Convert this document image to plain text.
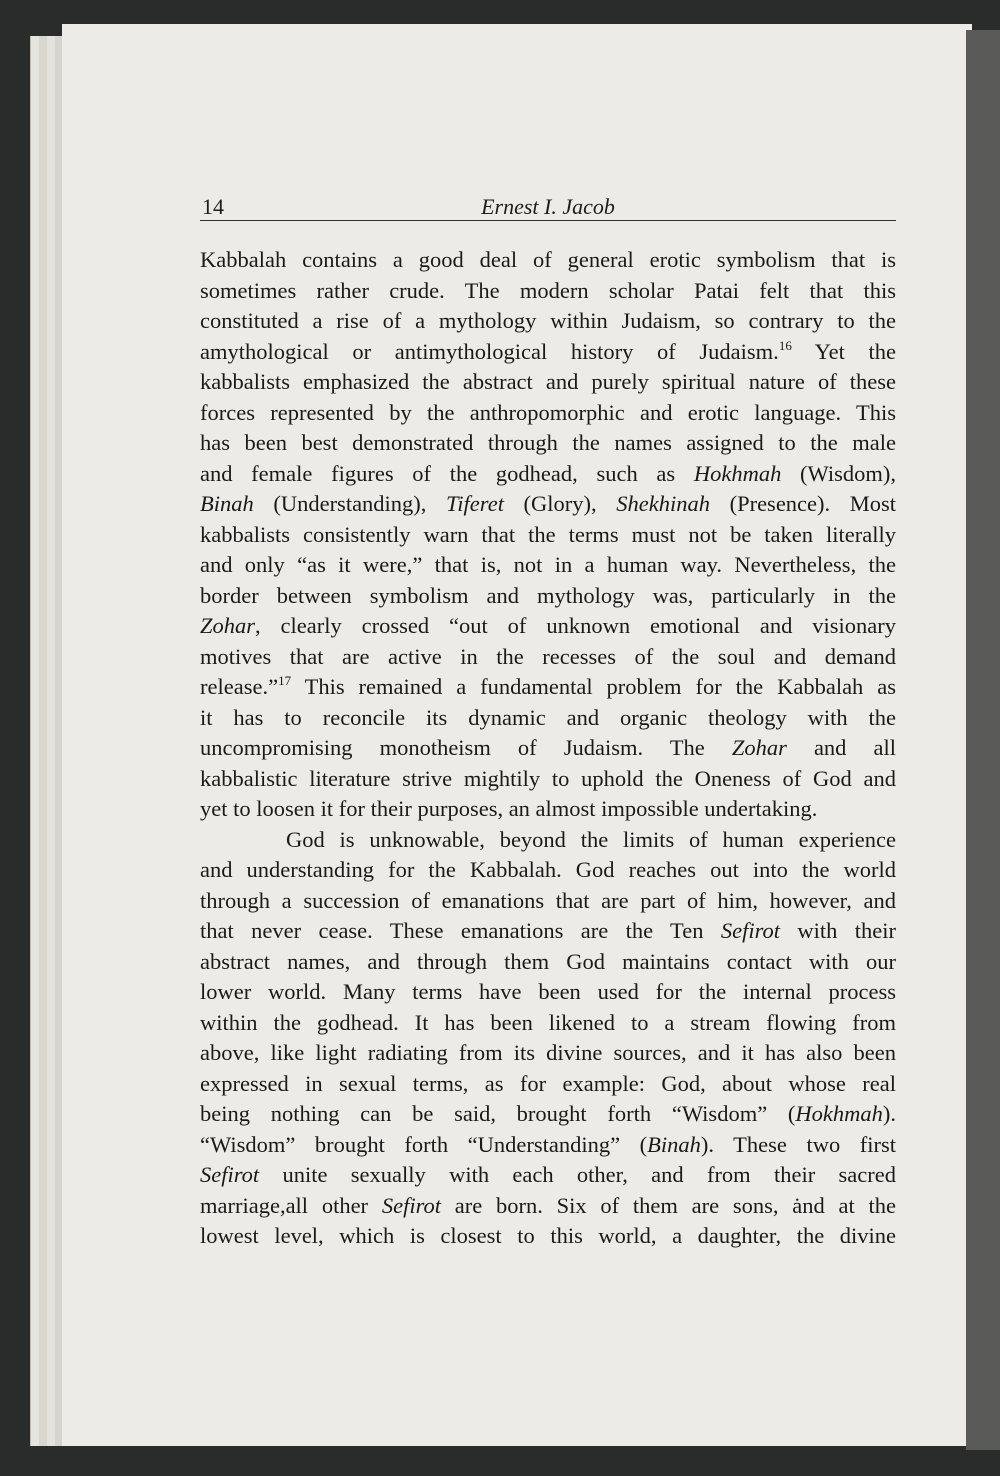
14	Ernest I. Jacob
Kabbalah contains a good deal of general erotic symbolism that is
sometimes rather crude. The modern scholar Patai felt that this
constituted a rise of a mythology within Judaism, so contrary to the
amythological or antimythological history of Judaism.$^{16}$ Yet the
kabbalists emphasized the abstract and purely spiritual nature of these
forces represented by the anthropomorphic and erotic language. This
has been best demonstrated through the names assigned to the male
and female figures of the godhead, such as Hokhmah (Wisdom),
Binah (Understanding), Tiferet (Glory), Shekhinah (Presence). Most
kabbalists consistently warn that the terms must not be taken literally
and only “as it were,” that is, not in a human way. Nevertheless, the
border between symbolism and mythology was, particularly in the
Zohar, clearly crossed “out of unknown emotional and visionary
motives that are active in the recesses of the soul and demand
release.”$^{17}$ This remained a fundamental problem for the Kabbalah as
it has to reconcile its dynamic and organic theology with the
uncompromising monotheism of Judaism. The Zohar and all
kabbalistic literature strive mightily to uphold the Oneness of God and
yet to loosen it for their purposes, an almost impossible undertaking.
God is unknowable, beyond the limits of human experience
and understanding for the Kabbalah. God reaches out into the world
through a succession of emanations that are part of him, however, and
that never cease. These emanations are the Ten Sefirot with their
abstract names, and through them God maintains contact with our
lower world. Many terms have been used for the internal process
within the godhead. It has been likened to a stream flowing from
above, like light radiating from its divine sources, and it has also been
expressed in sexual terms, as for example: God, about whose real
being nothing can be said, brought forth “Wisdom” (Hokhmah).
“Wisdom” brought forth “Understanding” (Binah). These two first
Sefirot unite sexually with each other, and from their sacred
marriage,all other Sefirot are born. Six of them are sons, ȧnd at the
lowest level, which is closest to this world, a daughter, the divine
